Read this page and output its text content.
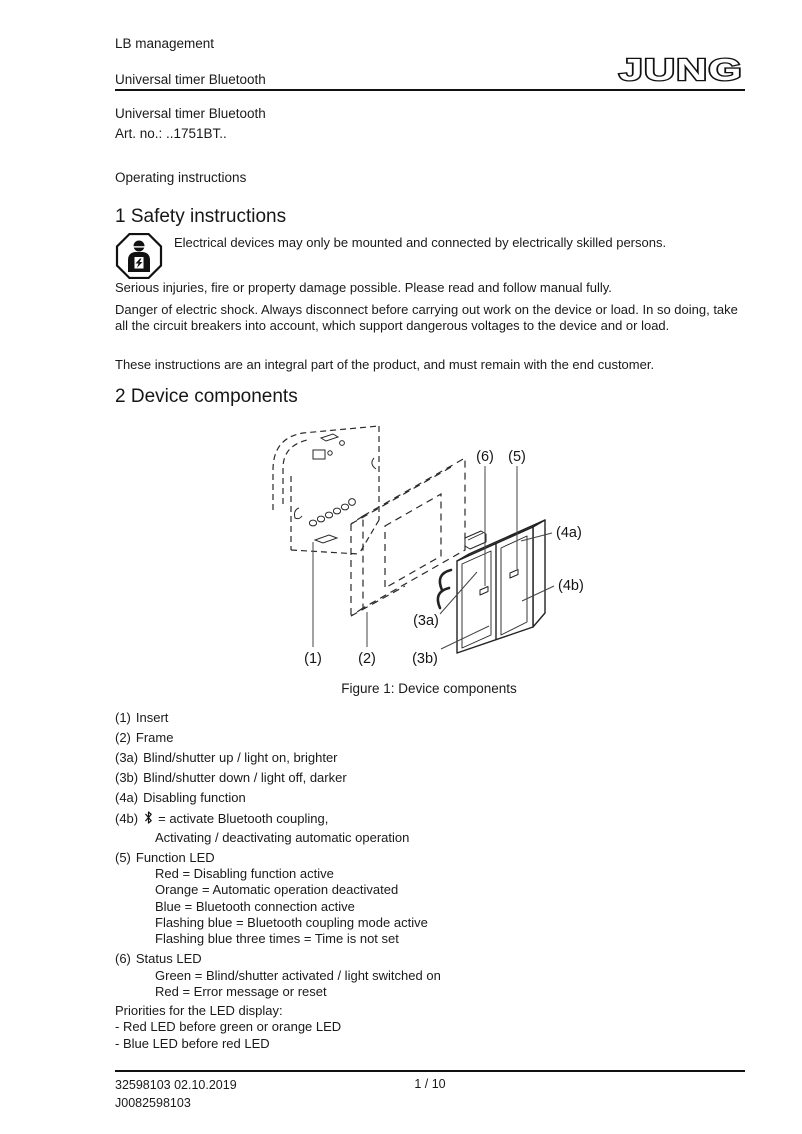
LB management
Universal timer Bluetooth	JUNG
Universal timer Bluetooth
Art. no.: ..1751BT..
Operating instructions
1 Safety instructions
Electrical devices may only be mounted and connected by electrically skilled persons.

Serious injuries, fire or property damage possible. Please read and follow manual fully.

Danger of electric shock. Always disconnect before carrying out work on the device or load. In so doing, take all the circuit breakers into account, which support dangerous voltages to the device and or load.

These instructions are an integral part of the product, and must remain with the end customer.

2 Device components
(6) (5)
(4a)
(4b)
(3a)
(1)	(2) (3b)
Figure 1: Device components
(1) Insert
(2) Frame
(3a) Blind/shutter up / light on, brighter
(3b) Blind/shutter down / light off, darker
(4a) Disabling function
(4b) = activate Bluetooth coupling,
Activating / deactivating automatic operation
(5) Function LED
Red = Disabling function active
Orange = Automatic operation deactivated
Blue = Bluetooth connection active
Flashing blue = Bluetooth coupling mode active
Flashing blue three times = Time is not set
(6) Status LED
Green = Blind/shutter activated / light switched on
Red = Error message or reset
Priorities for the LED display:
- Red LED before green or orange LED
- Blue LED before red LED
32598103 02.10.2019
J0082598103
1 / 10
